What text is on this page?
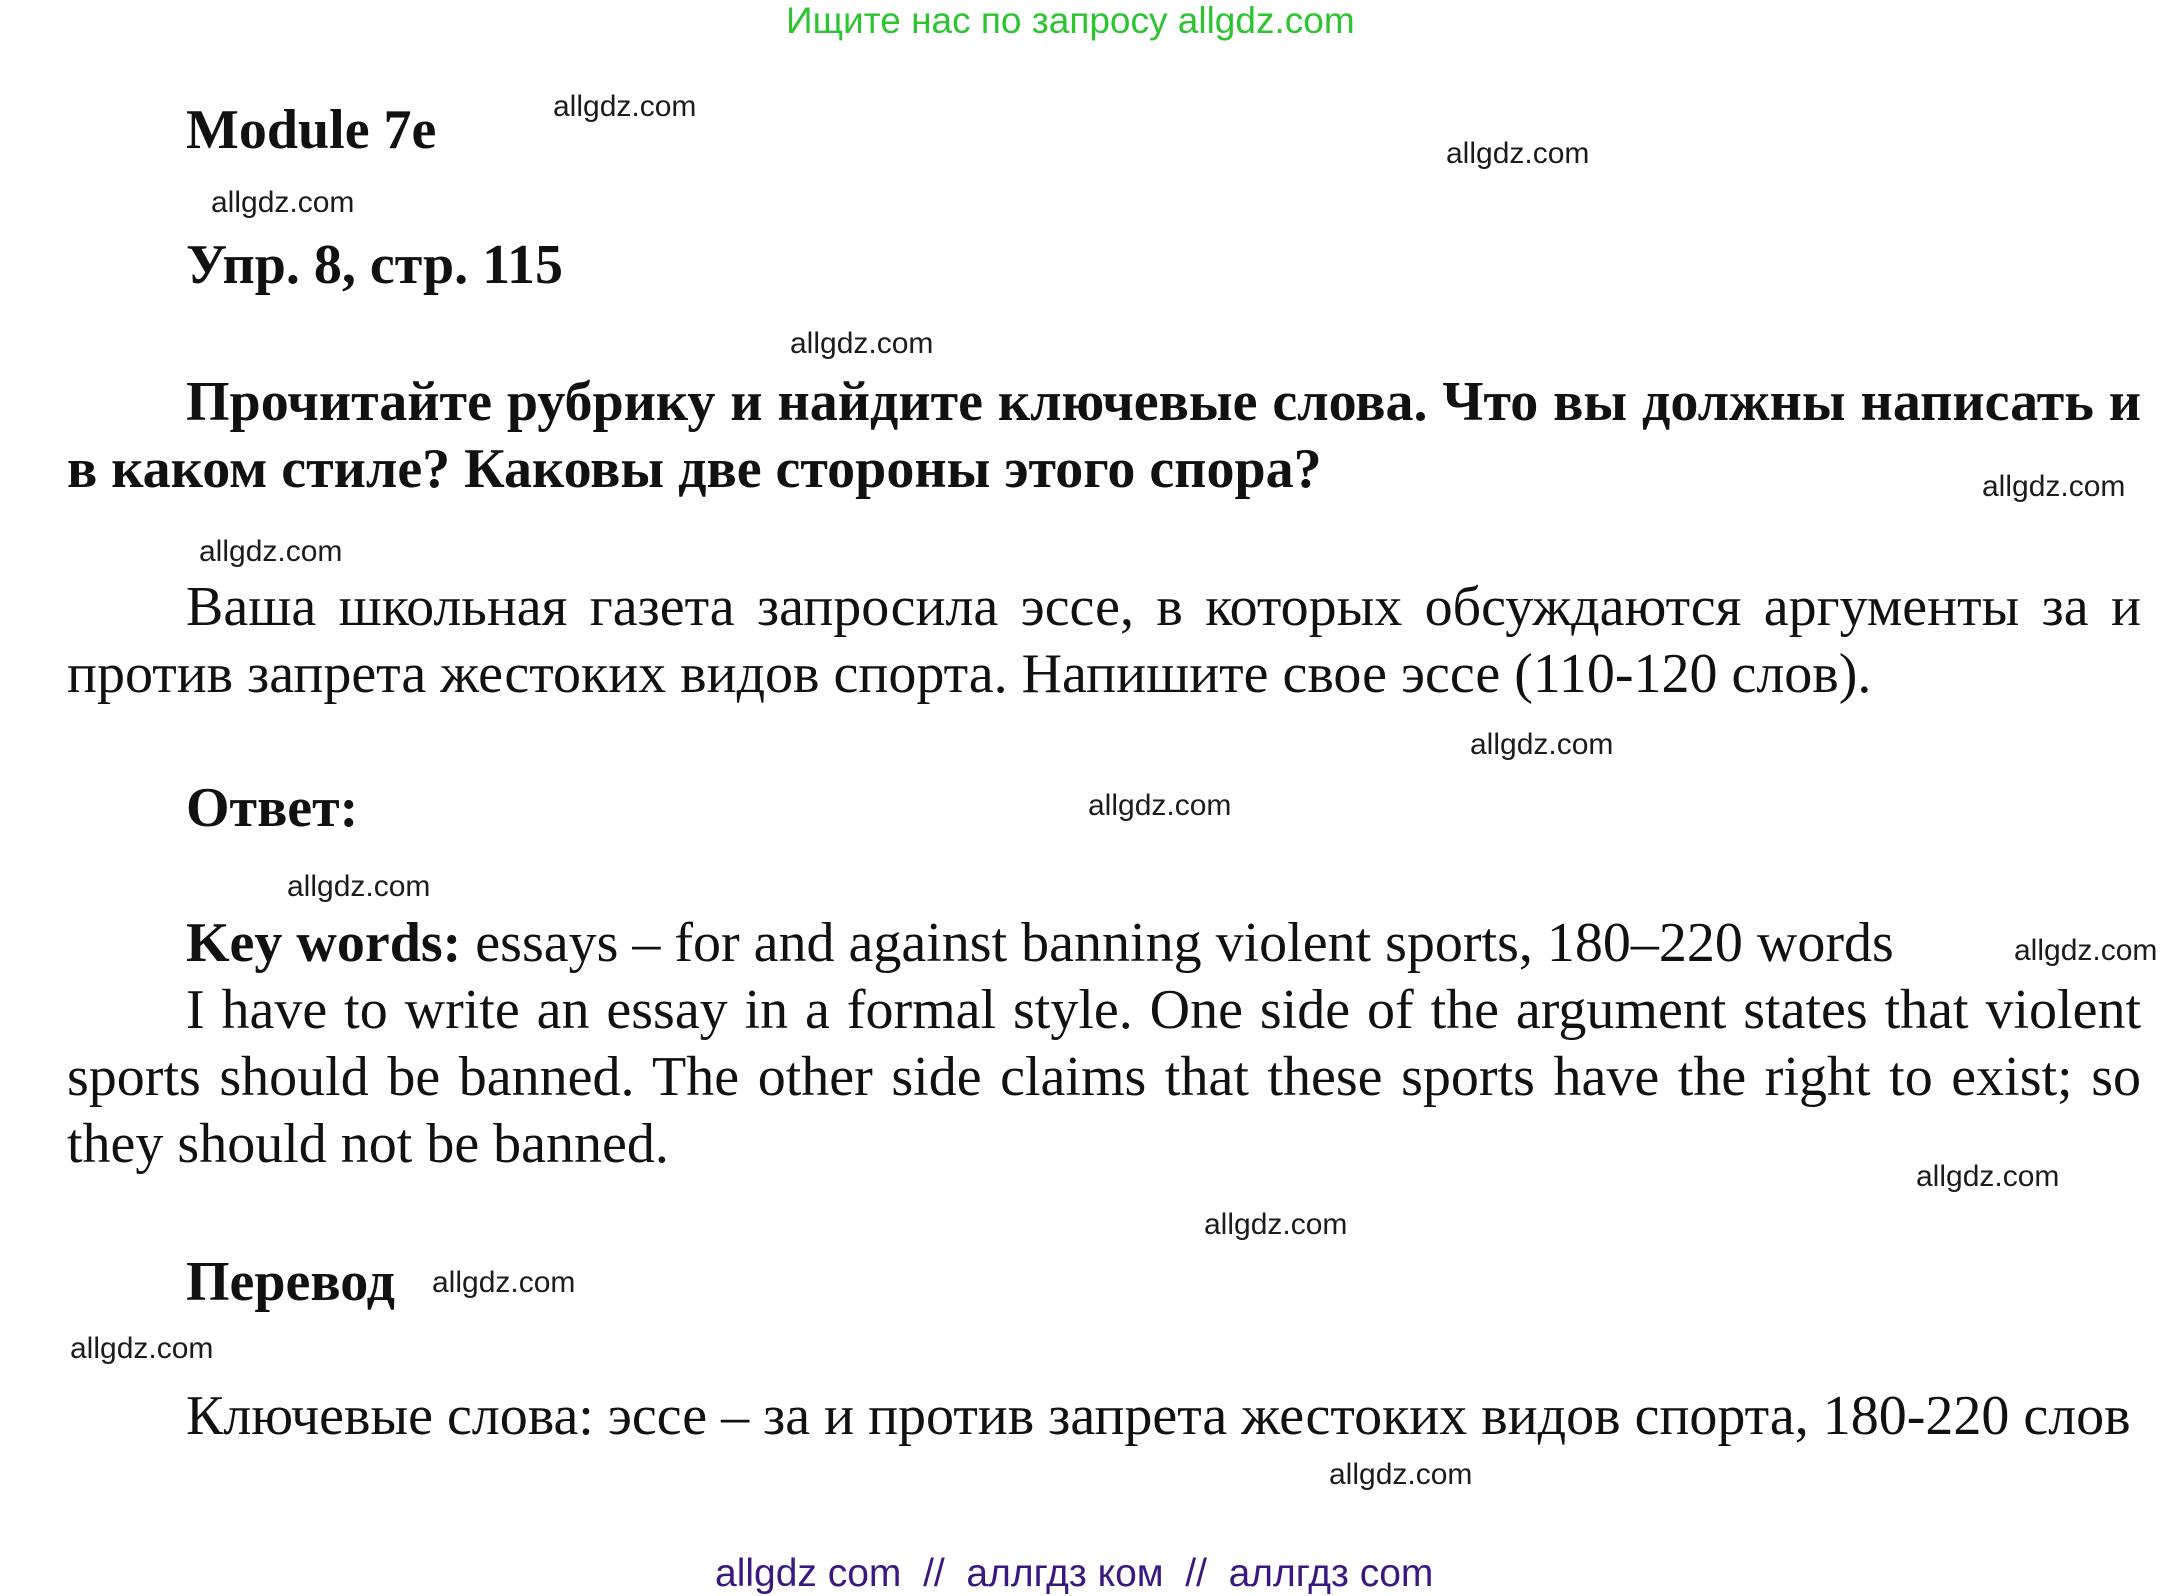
Ищите нас по запросу allgdz.com
Module 7e
Упр. 8, стр. 115
Прочитайте рубрику и найдите ключевые слова. Что вы должны написать и в каком стиле? Каковы две стороны этого спора?
Ваша школьная газета запросила эссе, в которых обсуждаются аргументы за и против запрета жестоких видов спорта. Напишите свое эссе (110-120 слов).
Ответ:
Key words: essays – for and against banning violent sports, 180–220 words
I have to write an essay in a formal style. One side of the argument states that violent sports should be banned. The other side claims that these sports have the right to exist; so they should not be banned.
Перевод
Ключевые слова: эссе – за и против запрета жестоких видов спорта, 180-220 слов
allgdz.com
allgdz.com
allgdz.com
allgdz.com
allgdz.com
allgdz.com
allgdz.com
allgdz.com
allgdz.com
allgdz.com
allgdz.com
allgdz.com
allgdz.com
allgdz.com
allgdz.com
allgdz com  //  аллгдз ком  //  аллгдз com
